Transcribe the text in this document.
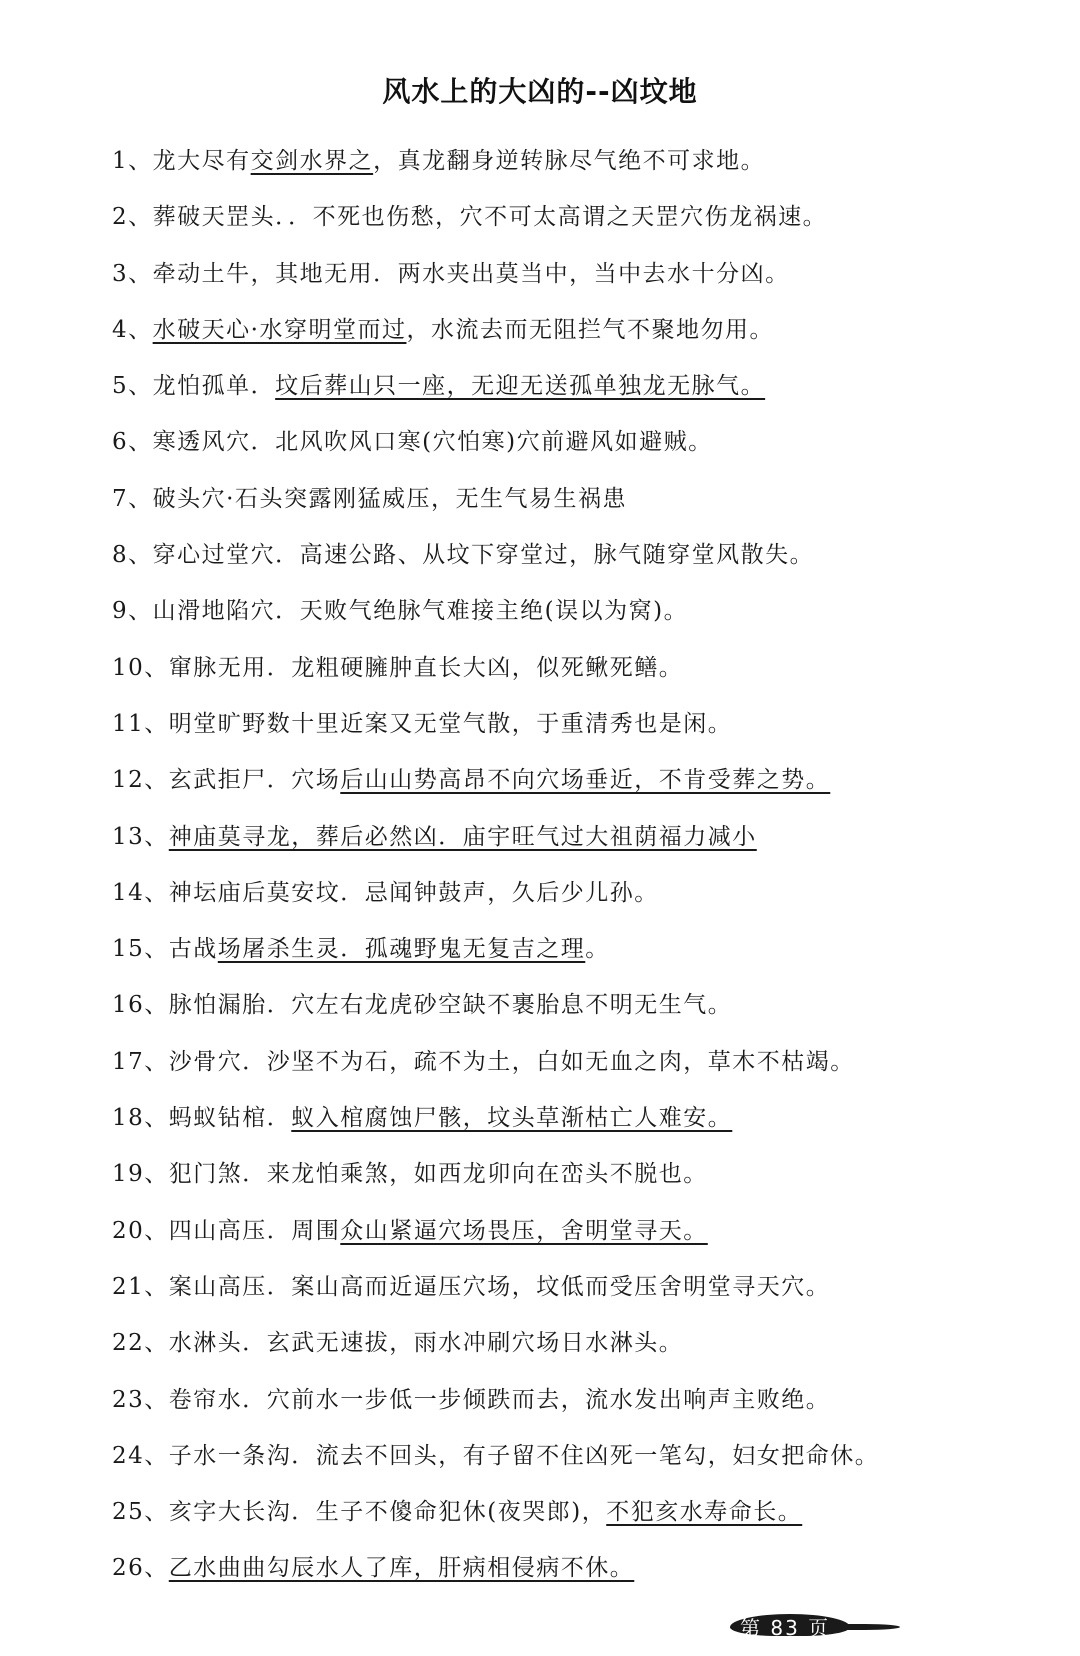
风水上的大凶的--凶坟地
1、龙大尽有交剑水界之，真龙翻身逆转脉尽气绝不可求地。
2、葬破天罡头．．不死也伤愁，穴不可太高谓之天罡穴伤龙祸速。
3、牵动土牛，其地无用．两水夹出莫当中，当中去水十分凶。
4、水破天心·水穿明堂而过，水流去而无阻拦气不聚地勿用。
5、龙怕孤单．坟后葬山只一座，无迎无送孤单独龙无脉气。
6、寒透风穴．北风吹风口寒(穴怕寒)穴前避风如避贼。
7、破头穴·石头突露刚猛威压，无生气易生祸患
8、穿心过堂穴．高速公路、从坟下穿堂过，脉气随穿堂风散失。
9、山滑地陷穴．天败气绝脉气难接主绝(误以为窝)。
10、窜脉无用．龙粗硬臃肿直长大凶，似死鳅死鳝。
11、明堂旷野数十里近案又无堂气散，于重清秀也是闲。
12、玄武拒尸．穴场后山山势高昂不向穴场垂近，不肯受葬之势。
13、神庙莫寻龙，葬后必然凶．庙宇旺气过大祖荫福力减小
14、神坛庙后莫安坟．忌闻钟鼓声，久后少儿孙。
15、古战场屠杀生灵．孤魂野鬼无复吉之理。
16、脉怕漏胎．穴左右龙虎砂空缺不裹胎息不明无生气。
17、沙骨穴．沙坚不为石，疏不为土，白如无血之肉，草木不枯竭。
18、蚂蚁钻棺．蚁入棺腐蚀尸骸，坟头草渐枯亡人难安。
19、犯门煞．来龙怕乘煞，如西龙卯向在峦头不脱也。
20、四山高压．周围众山紧逼穴场畏压，舍明堂寻天。
21、案山高压．案山高而近逼压穴场，坟低而受压舍明堂寻天穴。
22、水淋头．玄武无速拔，雨水冲刷穴场日水淋头。
23、卷帘水．穴前水一步低一步倾跌而去，流水发出响声主败绝。
24、子水一条沟．流去不回头，有子留不住凶死一笔勾，妇女把命休。
25、亥字大长沟．生子不傻命犯休(夜哭郎)，不犯亥水寿命长。
26、乙水曲曲勾辰水人了库，肝病相侵病不休。
第 83 页
